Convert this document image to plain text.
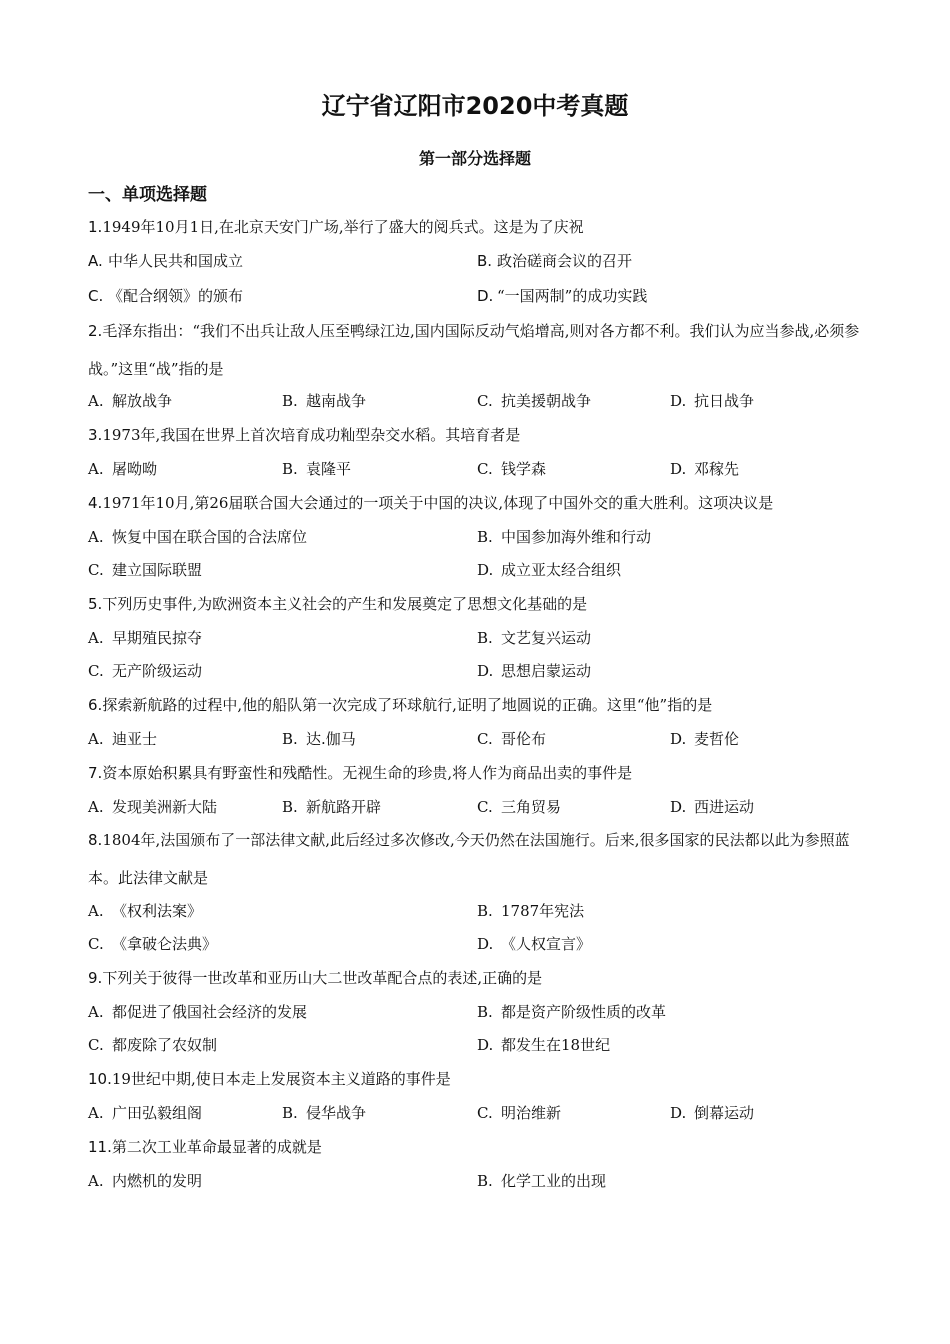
辽宁省辽阳市2020中考真题
第一部分选择题
一、单项选择题
1.1949年10月1日,在北京天安门广场,举行了盛大的阅兵式。这是为了庆祝
A. 中华人民共和国成立	B. 政治磋商会议的召开
C. 《配合纲领》的颁布	D. “一国两制”的成功实践
2.毛泽东指出：“我们不出兵让敌人压至鸭绿江边,国内国际反动气焰增高,则对各方都不利。我们认为应当参战,必须参战。”这里“战”指的是
A. 解放战争	B. 越南战争	C. 抗美援朝战争	D. 抗日战争
3.1973年,我国在世界上首次培育成功籼型杂交水稻。其培育者是
A. 屠呦呦	B. 袁隆平	C. 钱学森	D. 邓稼先
4.1971年10月,第26届联合国大会通过的一项关于中国的决议,体现了中国外交的重大胜利。这项决议是
A. 恢复中国在联合国的合法席位	B. 中国参加海外维和行动
C. 建立国际联盟	D. 成立亚太经合组织
5.下列历史事件,为欧洲资本主义社会的产生和发展奠定了思想文化基础的是
A. 早期殖民掠夺	B. 文艺复兴运动
C. 无产阶级运动	D. 思想启蒙运动
6.探索新航路的过程中,他的船队第一次完成了环球航行,证明了地圆说的正确。这里“他”指的是
A. 迪亚士	B. 达.伽马	C. 哥伦布	D. 麦哲伦
7.资本原始积累具有野蛮性和残酷性。无视生命的珍贵,将人作为商品出卖的事件是
A. 发现美洲新大陆	B. 新航路开辟	C. 三角贸易	D. 西进运动
8.1804年,法国颁布了一部法律文献,此后经过多次修改,今天仍然在法国施行。后来,很多国家的民法都以此为参照蓝本。此法律文献是
A. 《权利法案》	B. 1787年宪法
C. 《拿破仑法典》	D. 《人权宣言》
9.下列关于彼得一世改革和亚历山大二世改革配合点的表述,正确的是
A. 都促进了俄国社会经济的发展	B. 都是资产阶级性质的改革
C. 都废除了农奴制	D. 都发生在18世纪
10.19世纪中期,使日本走上发展资本主义道路的事件是
A. 广田弘毅组阁	B. 侵华战争	C. 明治维新	D. 倒幕运动
11.第二次工业革命最显著的成就是
A. 内燃机的发明	B. 化学工业的出现
